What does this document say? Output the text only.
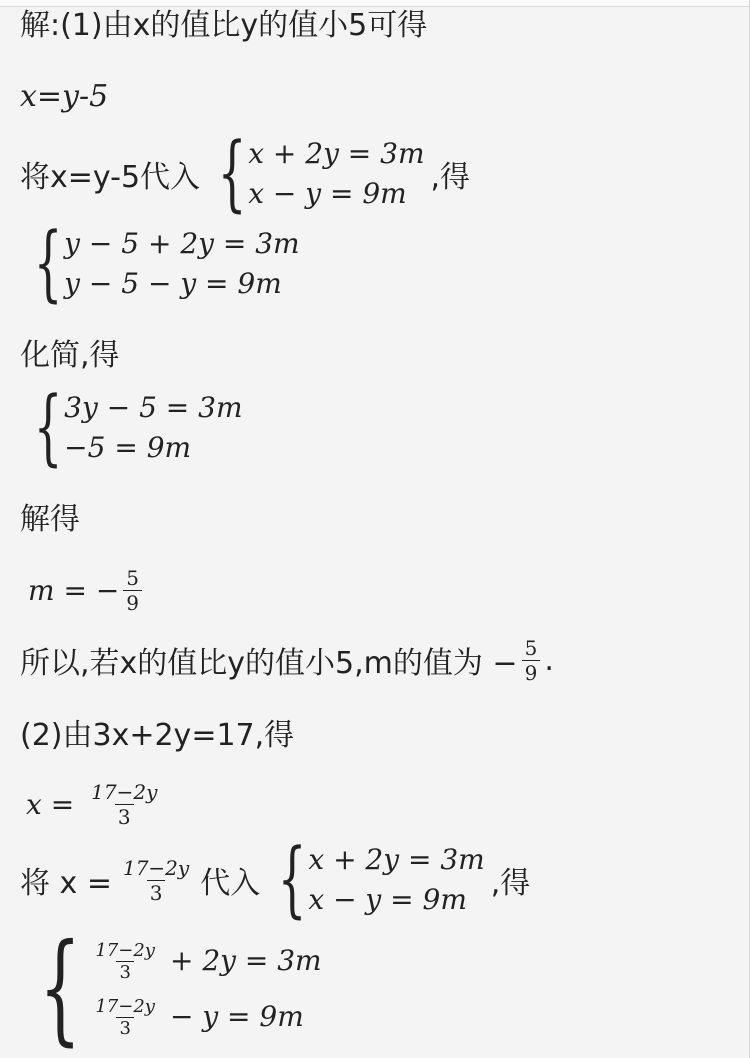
解:(1)由x的值比y的值小5可得
x=y-5
将x=y-5代入 { x + 2y = 3m
x − y = 9m ,得
{ y − 5 + 2y = 3m
y − 5 − y = 9m
化简,得
{ 3y − 5 = 3m
−5 = 9m
解得
m = − $\frac{5}{9}$
所以,若x的值比y的值小5,m的值为 − $\frac{5}{9}$ .
(2)由3x+2y=17,得
$x = \frac{17-2y}{3}$
将 $x = \frac{17-2y}{3}$ 代入 { x + 2y = 3m
x − y = 9m ,得
{ $\frac{17-2y}{3} + 2y = 3m$
$\frac{17-2y}{3} - y = 9m$
